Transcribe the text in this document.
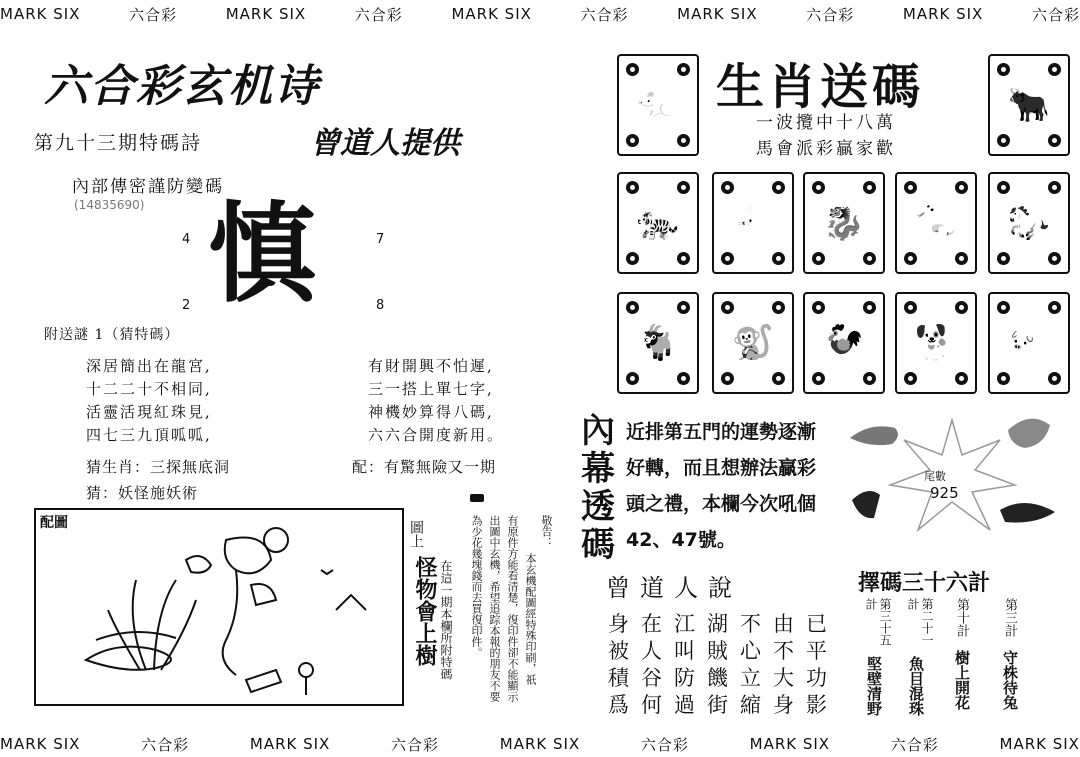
MARK SIX	六合彩	MARK SIX	六合彩	MARK SIX	六合彩	MARK SIX	六合彩	MARK SIX	六合彩
六合彩玄机诗
第九十三期特碼詩	曾道人提供
內部傳密謹防變碼
(14835690) 慎
4	7
2	8
附送謎 1（猜特碼）
深居簡出在龍宮,
十二二十不相同,
活靈活現紅珠見,
四七三九頂呱呱,
有財開興不怕遲,
三一搭上單七字,
神機妙算得八碼,
六六合開度新用。
猜生肖：三探無底洞	配：有驚無險又一期
猜：妖怪施妖術
配圖	圖上
怪物會上樹 在這一期本欄所附特碼
敬告：
本玄機配圖經特殊印刷，祇
有原件方能看清楚，復印件卻不能顯示
出圖中玄機，希望追踪本報的朋友不要
為少花幾塊錢而去買復印件。
生肖送碼
一波攬中十八萬
馬會派彩贏家歡
🐀	🐂
🐅 🐇 🐉 🐍 🐎
🐐 🐒 🐓 🐕 🐖
內
幕
透
碼
近排第五門的運勢逐漸
好轉，而且想辦法贏彩
頭之禮，本欄今次吼個
42、47號。
尾數
925
曾道人說
身在江湖不由已
被人叫賊心不平
積谷防饑立大功
爲何過街縮身影
擇碼三十六計
第三計
守株待兔
第十計
樹上開花
第二十一計
魚目混珠
第三十五計
堅壁清野
MARK SIX	六合彩	MARK SIX	六合彩	MARK SIX	六合彩	MARK SIX	六合彩	MARK SIX
